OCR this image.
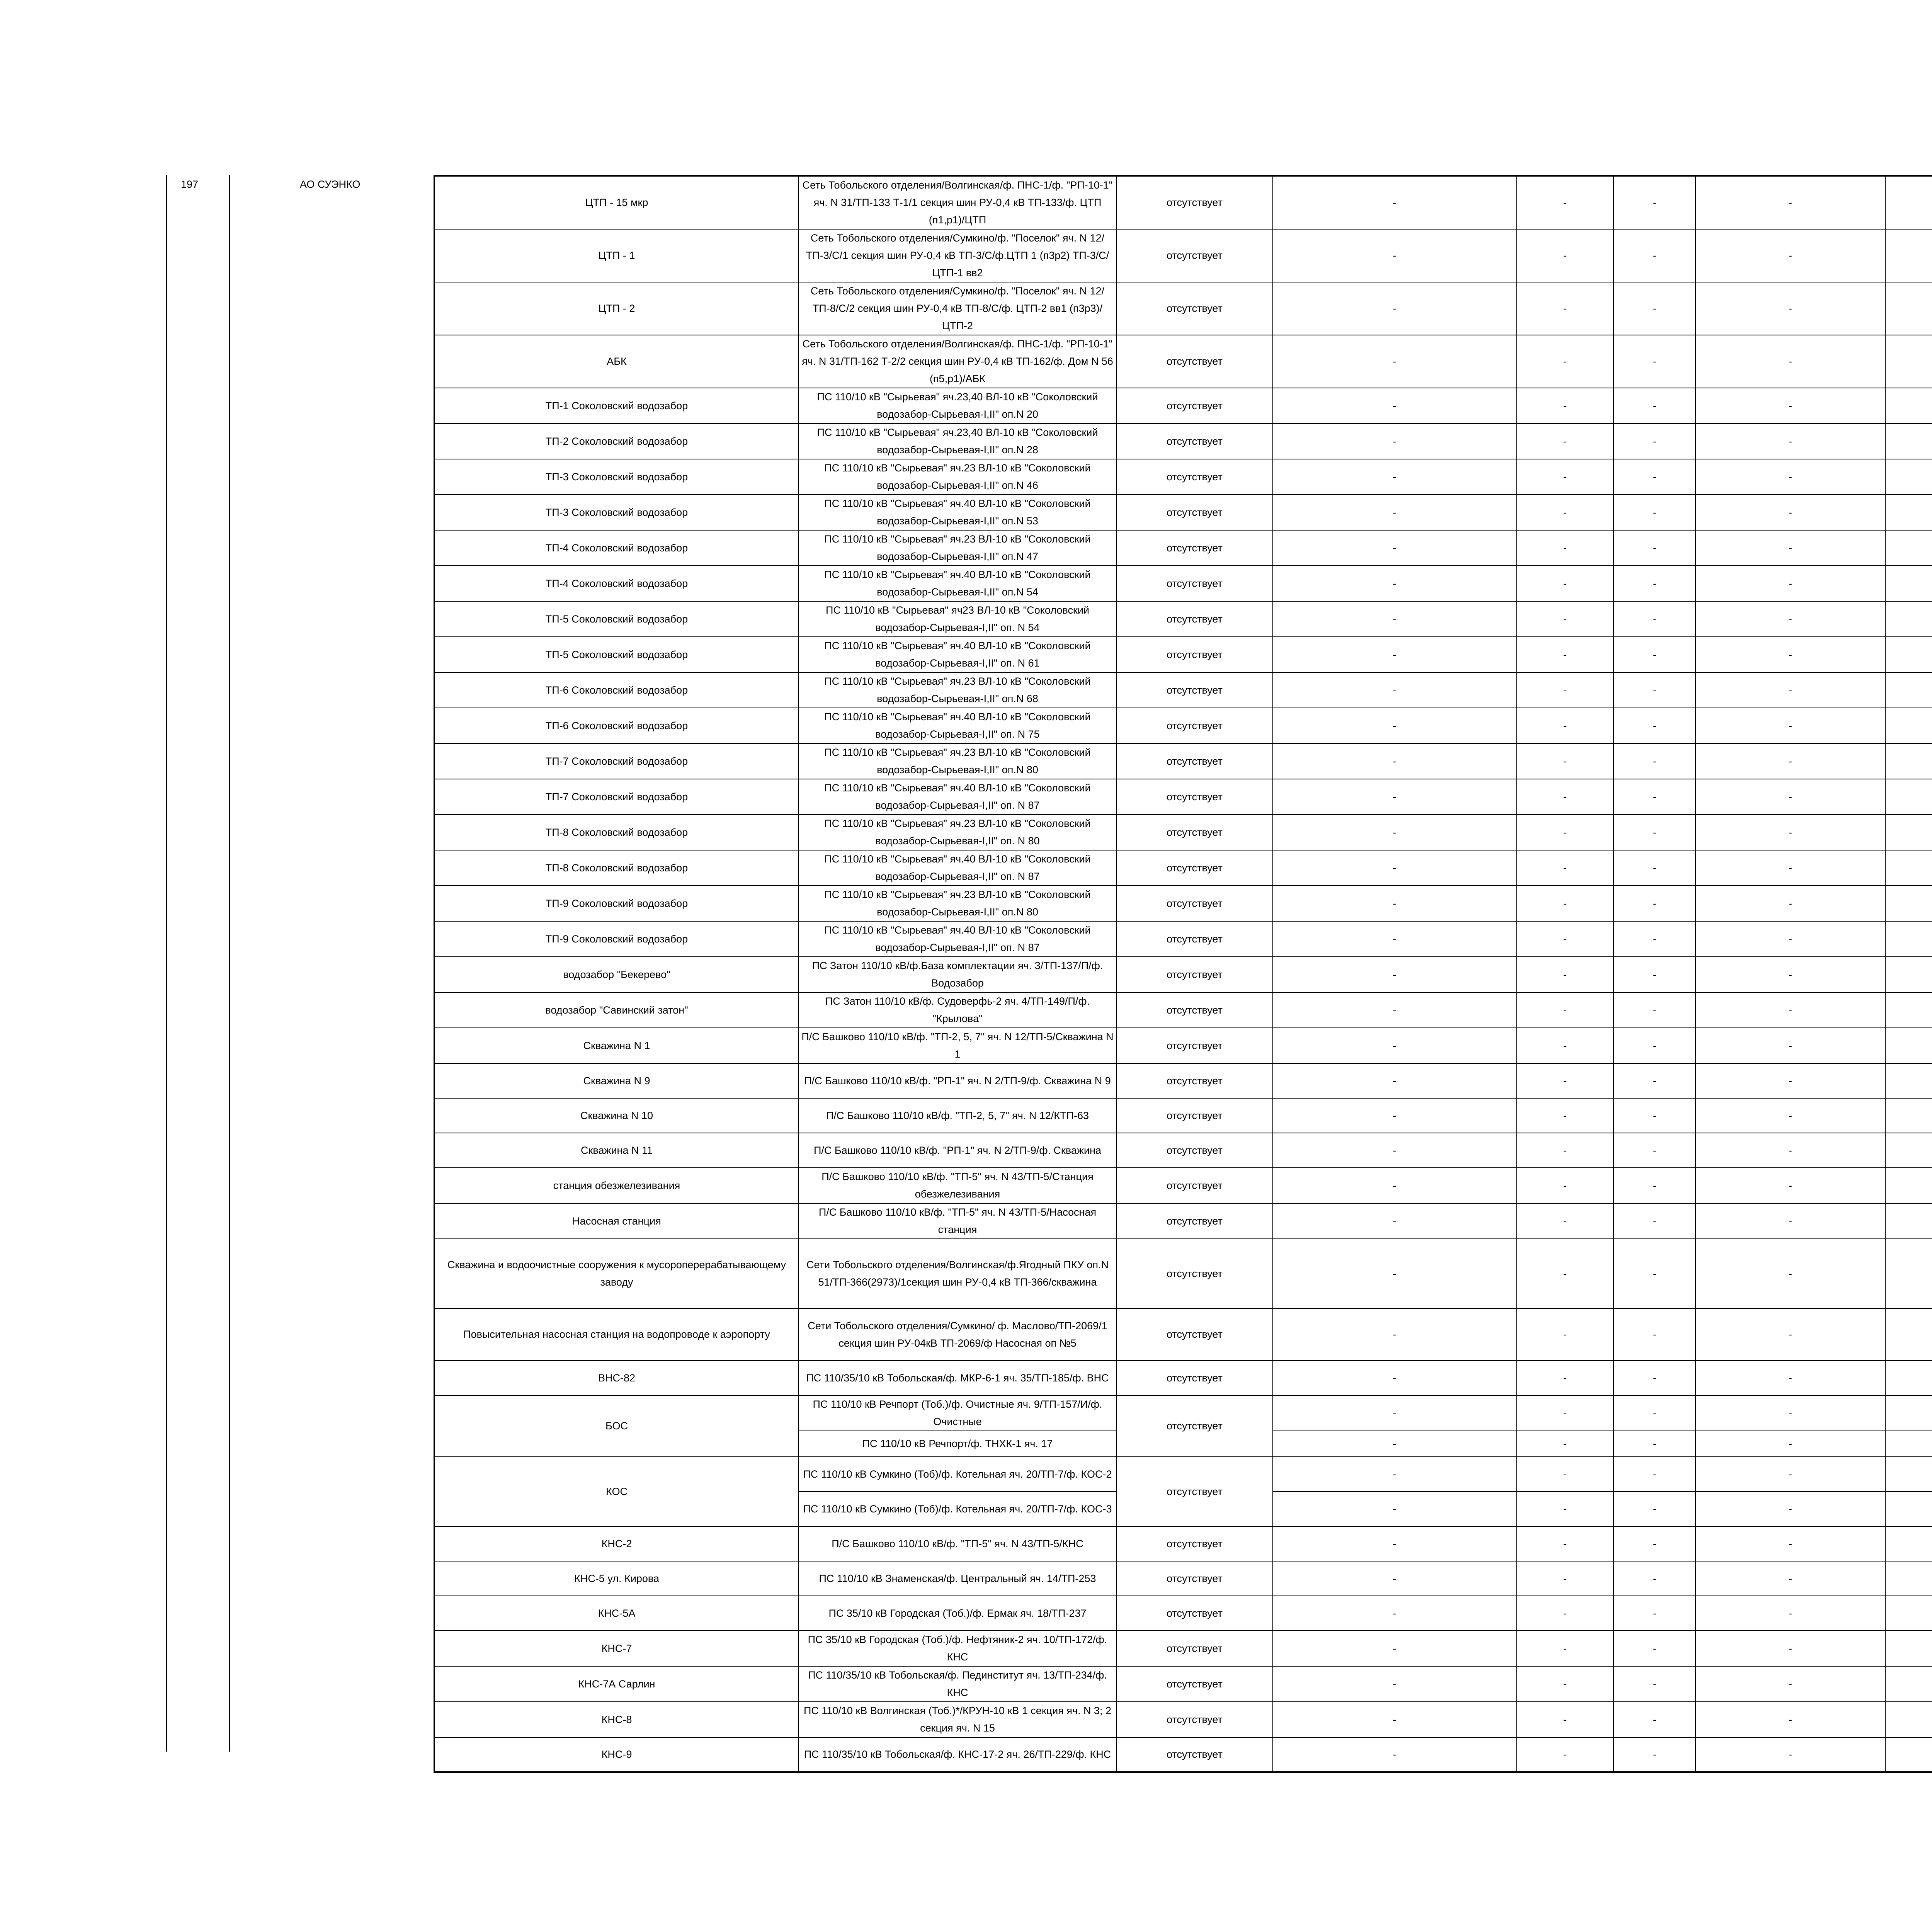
197	АО СУЭНКО
ЦТП - 15 мкр	Сеть Тобольского отделения/Волгинская/ф. ПНС-1/ф. "РП-10-1" яч. N 31/ТП-133 Т-1/1 секция шин РУ-0,4 кВ ТП-133/ф. ЦТП (п1,р1)/ЦТП	отсутствует	-	-	-	-		
ЦТП - 1	Сеть Тобольского отделения/Сумкино/ф. "Поселок" яч. N 12/ТП-3/С/1 секция шин РУ-0,4 кВ ТП-3/С/ф.ЦТП 1 (п3р2) ТП-3/С/ЦТП-1 вв2	отсутствует	-	-	-	-		
ЦТП - 2	Сеть Тобольского отделения/Сумкино/ф. "Поселок" яч. N 12/ТП-8/С/2 секция шин РУ-0,4 кВ ТП-8/С/ф. ЦТП-2 вв1 (п3р3)/ЦТП-2	отсутствует	-	-	-	-		
АБК	Сеть Тобольского отделения/Волгинская/ф. ПНС-1/ф. "РП-10-1" яч. N 31/ТП-162 Т-2/2 секция шин РУ-0,4 кВ ТП-162/ф. Дом N 56 (п5,р1)/АБК	отсутствует	-	-	-	-		
ТП-1 Соколовский водозабор	ПС 110/10 кВ "Сырьевая" яч.23,40 ВЛ-10 кВ "Соколовский водозабор-Сырьевая-I,II" оп.N 20	отсутствует	-	-	-	-		
ТП-2 Соколовский водозабор	ПС 110/10 кВ "Сырьевая" яч.23,40 ВЛ-10 кВ "Соколовский водозабор-Сырьевая-I,II" оп.N 28	отсутствует	-	-	-	-		
ТП-3 Соколовский водозабор	ПС 110/10 кВ "Сырьевая" яч.23 ВЛ-10 кВ "Соколовский водозабор-Сырьевая-I,II" оп.N 46	отсутствует	-	-	-	-		
ТП-3 Соколовский водозабор	ПС 110/10 кВ "Сырьевая" яч.40 ВЛ-10 кВ "Соколовский водозабор-Сырьевая-I,II" оп.N 53	отсутствует	-	-	-	-		
ТП-4 Соколовский водозабор	ПС 110/10 кВ "Сырьевая" яч.23 ВЛ-10 кВ "Соколовский водозабор-Сырьевая-I,II" оп.N 47	отсутствует	-	-	-	-		
ТП-4 Соколовский водозабор	ПС 110/10 кВ "Сырьевая" яч.40 ВЛ-10 кВ "Соколовский водозабор-Сырьевая-I,II" оп.N 54	отсутствует	-	-	-	-		
ТП-5 Соколовский водозабор	ПС 110/10 кВ "Сырьевая" яч23 ВЛ-10 кВ "Соколовский водозабор-Сырьевая-I,II" оп. N 54	отсутствует	-	-	-	-		
ТП-5 Соколовский водозабор	ПС 110/10 кВ "Сырьевая" яч.40 ВЛ-10 кВ "Соколовский водозабор-Сырьевая-I,II" оп. N 61	отсутствует	-	-	-	-		
ТП-6 Соколовский водозабор	ПС 110/10 кВ "Сырьевая" яч.23 ВЛ-10 кВ "Соколовский водозабор-Сырьевая-I,II" оп.N 68	отсутствует	-	-	-	-		
ТП-6 Соколовский водозабор	ПС 110/10 кВ "Сырьевая" яч.40 ВЛ-10 кВ "Соколовский водозабор-Сырьевая-I,II" оп. N 75	отсутствует	-	-	-	-		
ТП-7 Соколовский водозабор	ПС 110/10 кВ "Сырьевая" яч.23 ВЛ-10 кВ "Соколовский водозабор-Сырьевая-I,II" оп.N 80	отсутствует	-	-	-	-		
ТП-7 Соколовский водозабор	ПС 110/10 кВ "Сырьевая" яч.40 ВЛ-10 кВ "Соколовский водозабор-Сырьевая-I,II" оп. N 87	отсутствует	-	-	-	-		
ТП-8 Соколовский водозабор	ПС 110/10 кВ "Сырьевая" яч.23 ВЛ-10 кВ "Соколовский водозабор-Сырьевая-I,II" оп. N 80	отсутствует	-	-	-	-		
ТП-8 Соколовский водозабор	ПС 110/10 кВ "Сырьевая" яч.40 ВЛ-10 кВ "Соколовский водозабор-Сырьевая-I,II" оп. N 87	отсутствует	-	-	-	-		
ТП-9 Соколовский водозабор	ПС 110/10 кВ "Сырьевая" яч.23 ВЛ-10 кВ "Соколовский водозабор-Сырьевая-I,II" оп.N 80	отсутствует	-	-	-	-		
ТП-9 Соколовский водозабор	ПС 110/10 кВ "Сырьевая" яч.40 ВЛ-10 кВ "Соколовский водозабор-Сырьевая-I,II" оп. N 87	отсутствует	-	-	-	-		
водозабор "Бекерево"	ПС Затон 110/10 кВ/ф.База комплектации яч. 3/ТП-137/П/ф. Водозабор	отсутствует	-	-	-	-		
водозабор "Савинский затон"	ПС Затон 110/10 кВ/ф. Судоверфь-2 яч. 4/ТП-149/П/ф. "Крылова"	отсутствует	-	-	-	-		
Скважина N 1	П/С Башково 110/10 кВ/ф. "ТП-2, 5, 7" яч. N 12/ТП-5/Скважина N 1	отсутствует	-	-	-	-		
Скважина N 9	П/С Башково 110/10 кВ/ф. "РП-1" яч. N 2/ТП-9/ф. Скважина N 9	отсутствует	-	-	-	-		
Скважина N 10	П/С Башково 110/10 кВ/ф. "ТП-2, 5, 7" яч. N 12/КТП-63	отсутствует	-	-	-	-		
Скважина N 11	П/С Башково 110/10 кВ/ф. "РП-1" яч. N 2/ТП-9/ф. Скважина	отсутствует	-	-	-	-		
станция обезжелезивания	П/С Башково 110/10 кВ/ф. "ТП-5" яч. N 43/ТП-5/Станция обезжелезивания	отсутствует	-	-	-	-		
Насосная станция	П/С Башково 110/10 кВ/ф. "ТП-5" яч. N 43/ТП-5/Насосная станция	отсутствует	-	-	-	-		
Скважина и водоочистные сооружения к мусороперерабатывающему заводу	Сети Тобольского отделения/Волгинская/ф.Ягодный ПКУ оп.N 51/ТП-366(2973)/1секция шин РУ-0,4 кВ ТП-366/скважина	отсутствует	-	-	-	-		
Повысительная насосная станция на водопроводе к аэропорту	Сети Тобольского отделения/Сумкино/ ф. Маслово/ТП-2069/1 секция шин РУ-04кВ ТП-2069/ф Насосная оп №5	отсутствует	-	-	-	-		
ВНС-82	ПС 110/35/10 кВ Тобольская/ф. МКР-6-1 яч. 35/ТП-185/ф. ВНС	отсутствует	-	-	-	-		
БОС	ПС 110/10 кВ Речпорт (Тоб.)/ф. Очистные яч. 9/ТП-157/И/ф. Очистные	отсутствует	-	-	-	-		
	ПС 110/10 кВ Речпорт/ф. ТНХК-1 яч. 17		-	-	-	-		
КОС	ПС 110/10 кВ Сумкино (Тоб)/ф. Котельная яч. 20/ТП-7/ф. КОС-2	отсутствует	-	-	-	-		
	ПС 110/10 кВ Сумкино (Тоб)/ф. Котельная яч. 20/ТП-7/ф. КОС-3		-	-	-	-		
КНС-2	П/С Башково 110/10 кВ/ф. "ТП-5" яч. N 43/ТП-5/КНС	отсутствует	-	-	-	-		
КНС-5 ул. Кирова	ПС 110/10 кВ Знаменская/ф. Центральный яч. 14/ТП-253	отсутствует	-	-	-	-		
КНС-5А	ПС 35/10 кВ Городская (Тоб.)/ф. Ермак яч. 18/ТП-237	отсутствует	-	-	-	-		
КНС-7	ПС 35/10 кВ Городская (Тоб.)/ф. Нефтяник-2 яч. 10/ТП-172/ф. КНС	отсутствует	-	-	-	-		
КНС-7А Сарлин	ПС 110/35/10 кВ Тобольская/ф. Пединститут яч. 13/ТП-234/ф. КНС	отсутствует	-	-	-	-		
КНС-8	ПС 110/10 кВ Волгинская (Тоб.)*/КРУН-10 кВ 1 секция яч. N 3; 2 секция яч. N 15	отсутствует	-	-	-	-		
КНС-9	ПС 110/35/10 кВ Тобольская/ф. КНС-17-2 яч. 26/ТП-229/ф. КНС	отсутствует	-	-	-	-		
